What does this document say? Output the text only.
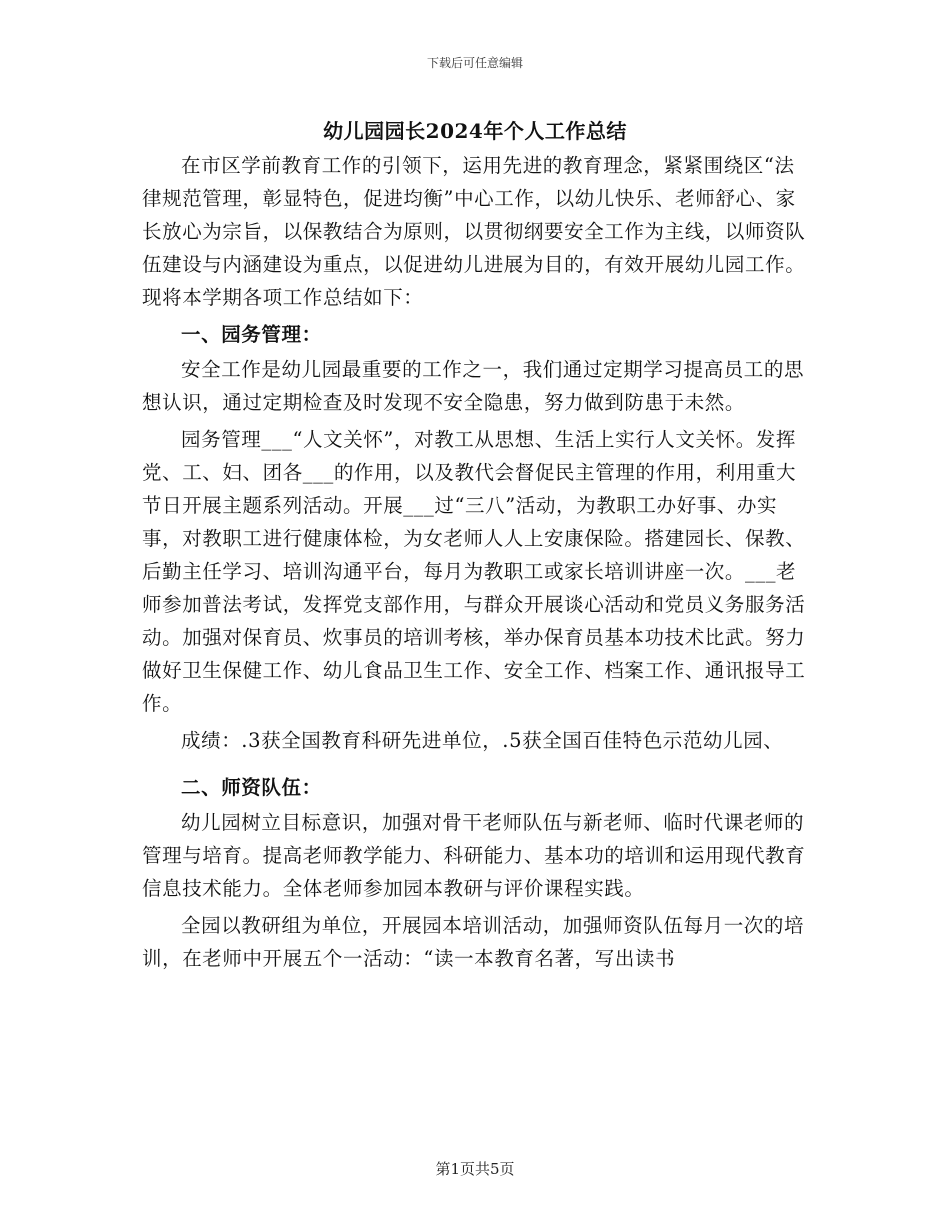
下载后可任意编辑
幼儿园园长2024年个人工作总结

在市区学前教育工作的引领下，运用先进的教育理念，紧紧围绕区“法律规范管理，彰显特色，促进均衡”中心工作，以幼儿快乐、老师舒心、家长放心为宗旨，以保教结合为原则，以贯彻纲要安全工作为主线，以师资队伍建设与内涵建设为重点，以促进幼儿进展为目的，有效开展幼儿园工作。现将本学期各项工作总结如下：

一、园务管理：

安全工作是幼儿园最重要的工作之一，我们通过定期学习提高员工的思想认识，通过定期检查及时发现不安全隐患，努力做到防患于未然。

园务管理___“人文关怀”，对教工从思想、生活上实行人文关怀。发挥党、工、妇、团各___的作用，以及教代会督促民主管理的作用，利用重大节日开展主题系列活动。开展___过“三八”活动，为教职工办好事、办实事，对教职工进行健康体检，为女老师人人上安康保险。搭建园长、保教、后勤主任学习、培训沟通平台，每月为教职工或家长培训讲座一次。___老师参加普法考试，发挥党支部作用，与群众开展谈心活动和党员义务服务活动。加强对保育员、炊事员的培训考核，举办保育员基本功技术比武。努力做好卫生保健工作、幼儿食品卫生工作、安全工作、档案工作、通讯报导工作。

成绩：.3获全国教育科研先进单位，.5获全国百佳特色示范幼儿园、

二、师资队伍：

幼儿园树立目标意识，加强对骨干老师队伍与新老师、临时代课老师的管理与培育。提高老师教学能力、科研能力、基本功的培训和运用现代教育信息技术能力。全体老师参加园本教研与评价课程实践。

全园以教研组为单位，开展园本培训活动，加强师资队伍每月一次的培训，在老师中开展五个一活动：“读一本教育名著，写出读书

第1页共5页
